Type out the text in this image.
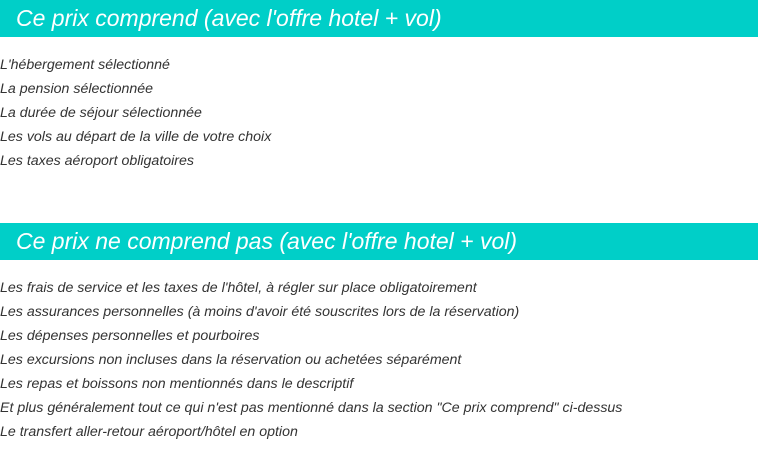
Ce prix comprend (avec l'offre hotel + vol)
L'hébergement sélectionné
La pension sélectionnée
La durée de séjour sélectionnée
Les vols au départ de la ville de votre choix
Les taxes aéroport obligatoires
Ce prix ne comprend pas (avec l'offre hotel + vol)
Les frais de service et les taxes de l'hôtel, à régler sur place obligatoirement
Les assurances personnelles (à moins d'avoir été souscrites lors de la réservation)
Les dépenses personnelles et pourboires
Les excursions non incluses dans la réservation ou achetées séparément
Les repas et boissons non mentionnés dans le descriptif
Et plus généralement tout ce qui n'est pas mentionné dans la section "Ce prix comprend" ci-dessus
Le transfert aller-retour aéroport/hôtel en option
